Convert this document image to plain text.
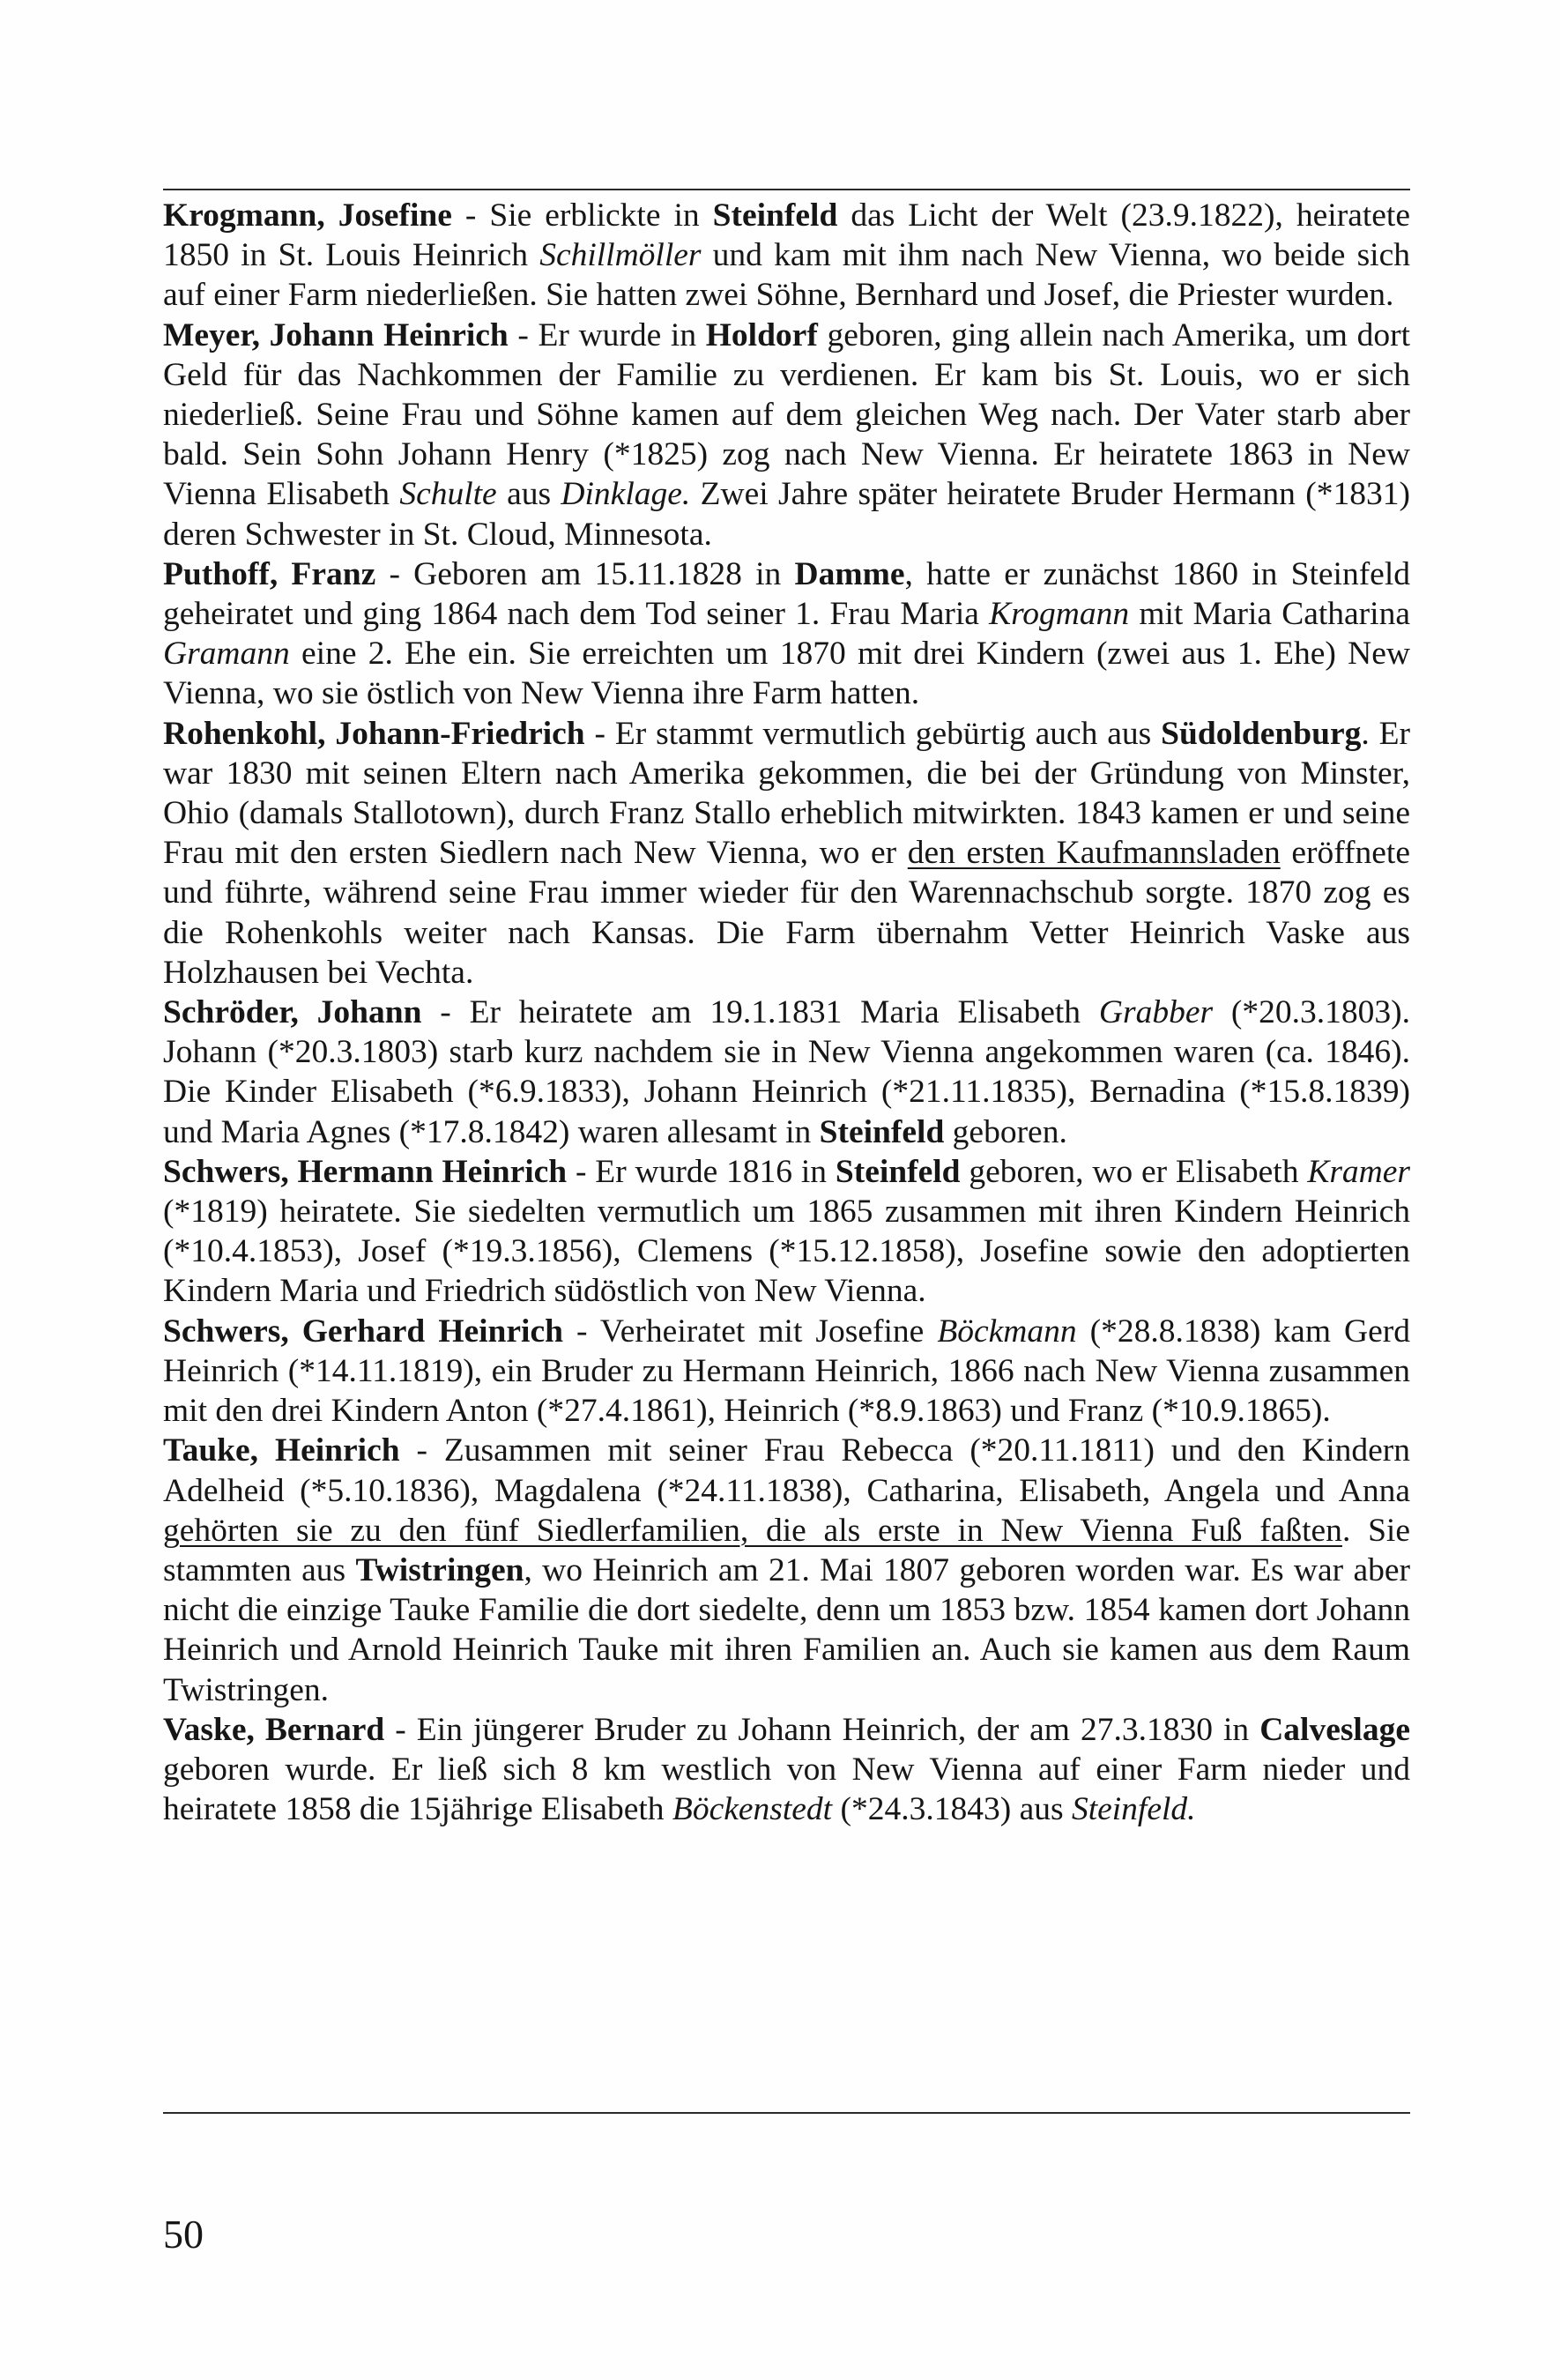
Krogmann, Josefine - Sie erblickte in Steinfeld das Licht der Welt (23.9.1822), heiratete 1850 in St. Louis Heinrich Schillmöller und kam mit ihm nach New Vienna, wo beide sich auf einer Farm niederließen. Sie hatten zwei Söhne, Bernhard und Josef, die Priester wurden.

Meyer, Johann Heinrich - Er wurde in Holdorf geboren, ging allein nach Amerika, um dort Geld für das Nachkommen der Familie zu verdienen. Er kam bis St. Louis, wo er sich niederließ. Seine Frau und Söhne kamen auf dem gleichen Weg nach. Der Vater starb aber bald. Sein Sohn Johann Henry (*1825) zog nach New Vienna. Er heiratete 1863 in New Vienna Elisabeth Schulte aus Dinklage. Zwei Jahre später heiratete Bruder Hermann (*1831) deren Schwester in St. Cloud, Minnesota.

Puthoff, Franz - Geboren am 15.11.1828 in Damme, hatte er zunächst 1860 in Steinfeld geheiratet und ging 1864 nach dem Tod seiner 1. Frau Maria Krogmann mit Maria Catharina Gramann eine 2. Ehe ein. Sie erreichten um 1870 mit drei Kindern (zwei aus 1. Ehe) New Vienna, wo sie östlich von New Vienna ihre Farm hatten.

Rohenkohl, Johann-Friedrich - Er stammt vermutlich gebürtig auch aus Südoldenburg. Er war 1830 mit seinen Eltern nach Amerika gekommen, die bei der Gründung von Minster, Ohio (damals Stallotown), durch Franz Stallo erheblich mitwirkten. 1843 kamen er und seine Frau mit den ersten Siedlern nach New Vienna, wo er den ersten Kaufmannsladen eröffnete und führte, während seine Frau immer wieder für den Warennachschub sorgte. 1870 zog es die Rohenkohls weiter nach Kansas. Die Farm übernahm Vetter Heinrich Vaske aus Holzhausen bei Vechta.

Schröder, Johann - Er heiratete am 19.1.1831 Maria Elisabeth Grabber (*20.3.1803). Johann (*20.3.1803) starb kurz nachdem sie in New Vienna angekommen waren (ca. 1846). Die Kinder Elisabeth (*6.9.1833), Johann Heinrich (*21.11.1835), Bernadina (*15.8.1839) und Maria Agnes (*17.8.1842) waren allesamt in Steinfeld geboren.

Schwers, Hermann Heinrich - Er wurde 1816 in Steinfeld geboren, wo er Elisabeth Kramer (*1819) heiratete. Sie siedelten vermutlich um 1865 zusammen mit ihren Kindern Heinrich (*10.4.1853), Josef (*19.3.1856), Clemens (*15.12.1858), Josefine sowie den adoptierten Kindern Maria und Friedrich südöstlich von New Vienna.

Schwers, Gerhard Heinrich - Verheiratet mit Josefine Böckmann (*28.8.1838) kam Gerd Heinrich (*14.11.1819), ein Bruder zu Hermann Heinrich, 1866 nach New Vienna zusammen mit den drei Kindern Anton (*27.4.1861), Heinrich (*8.9.1863) und Franz (*10.9.1865).

Tauke, Heinrich - Zusammen mit seiner Frau Rebecca (*20.11.1811) und den Kindern Adelheid (*5.10.1836), Magdalena (*24.11.1838), Catharina, Elisabeth, Angela und Anna gehörten sie zu den fünf Siedlerfamilien, die als erste in New Vienna Fuß faßten. Sie stammten aus Twistringen, wo Heinrich am 21. Mai 1807 geboren worden war. Es war aber nicht die einzige Tauke Familie die dort siedelte, denn um 1853 bzw. 1854 kamen dort Johann Heinrich und Arnold Heinrich Tauke mit ihren Familien an. Auch sie kamen aus dem Raum Twistringen.

Vaske, Bernard - Ein jüngerer Bruder zu Johann Heinrich, der am 27.3.1830 in Calveslage geboren wurde. Er ließ sich 8 km westlich von New Vienna auf einer Farm nieder und heiratete 1858 die 15jährige Elisabeth Böckenstedt (*24.3.1843) aus Steinfeld.

50
